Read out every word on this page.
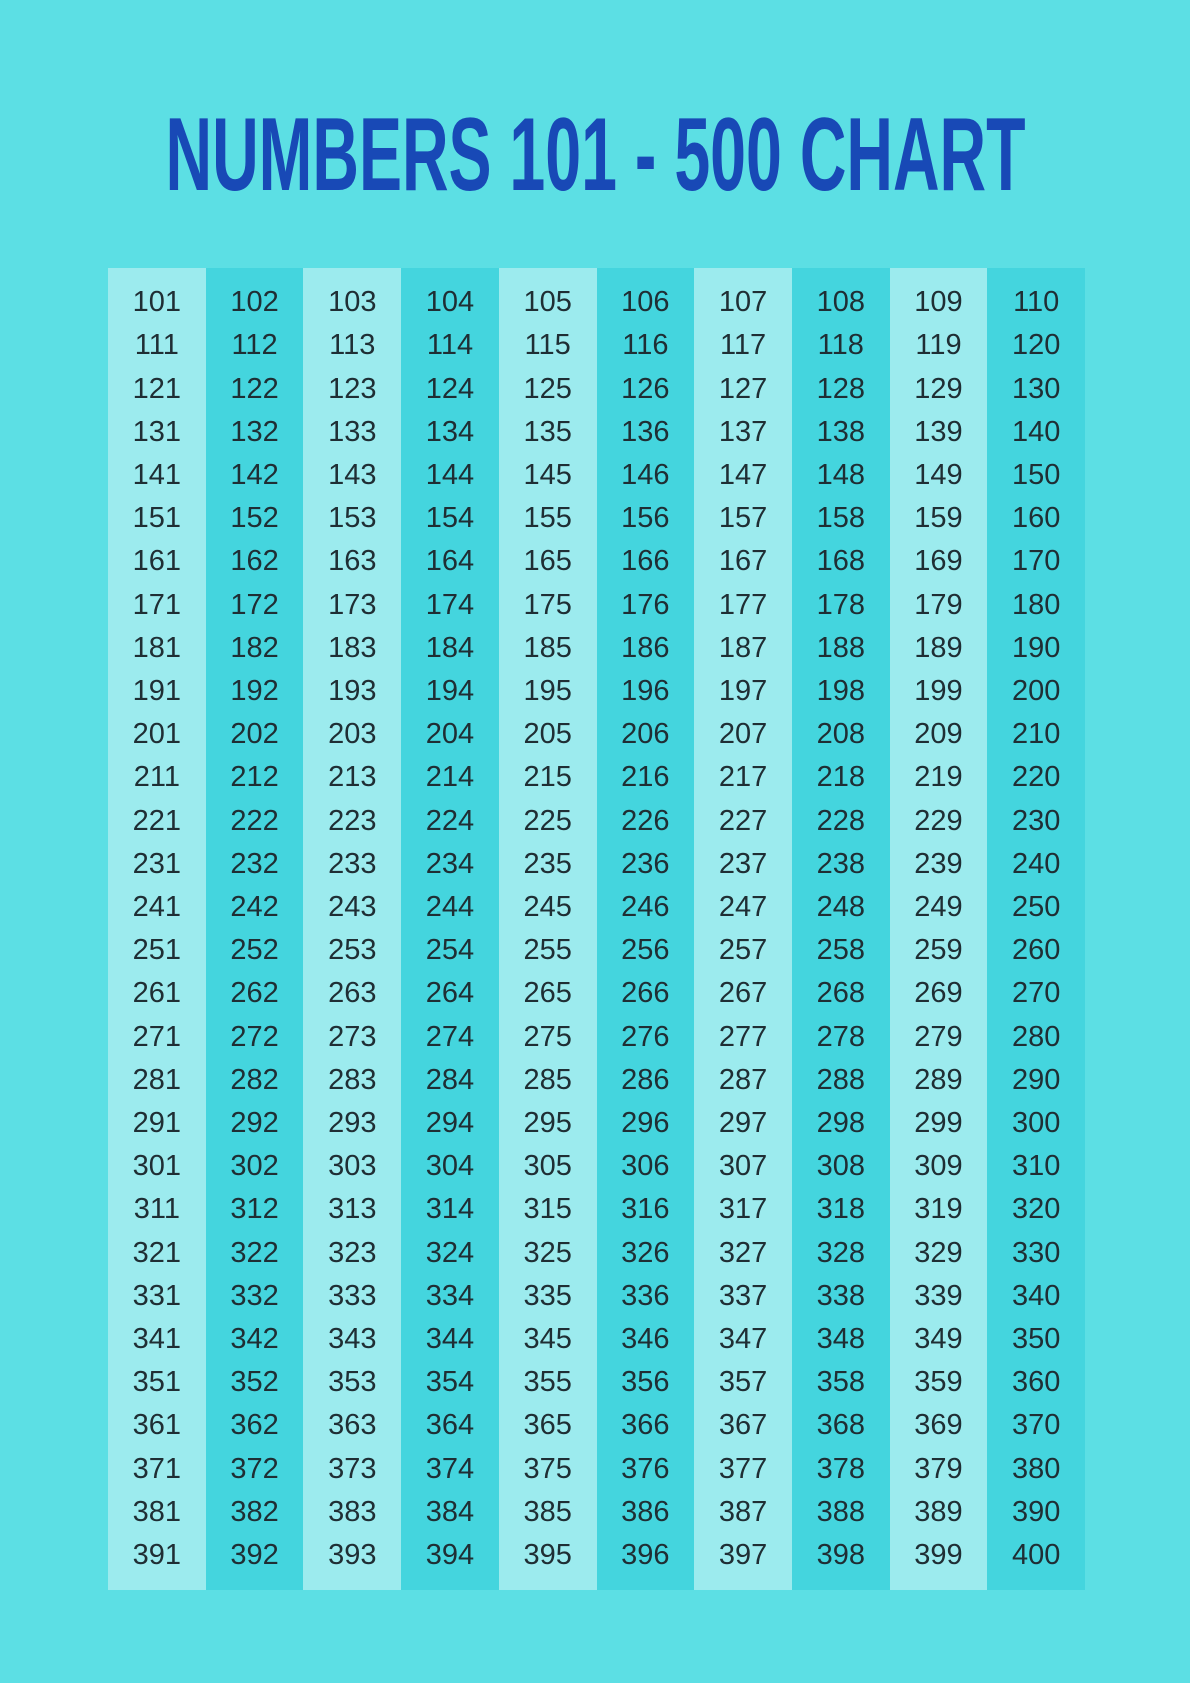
NUMBERS 101 - 500 CHART
101
111
121
131
141
151
161
171
181
191
201
211
221
231
241
251
261
271
281
291
301
311
321
331
341
351
361
371
381
391
102
112
122
132
142
152
162
172
182
192
202
212
222
232
242
252
262
272
282
292
302
312
322
332
342
352
362
372
382
392
103
113
123
133
143
153
163
173
183
193
203
213
223
233
243
253
263
273
283
293
303
313
323
333
343
353
363
373
383
393
104
114
124
134
144
154
164
174
184
194
204
214
224
234
244
254
264
274
284
294
304
314
324
334
344
354
364
374
384
394
105
115
125
135
145
155
165
175
185
195
205
215
225
235
245
255
265
275
285
295
305
315
325
335
345
355
365
375
385
395
106
116
126
136
146
156
166
176
186
196
206
216
226
236
246
256
266
276
286
296
306
316
326
336
346
356
366
376
386
396
107
117
127
137
147
157
167
177
187
197
207
217
227
237
247
257
267
277
287
297
307
317
327
337
347
357
367
377
387
397
108
118
128
138
148
158
168
178
188
198
208
218
228
238
248
258
268
278
288
298
308
318
328
338
348
358
368
378
388
398
109
119
129
139
149
159
169
179
189
199
209
219
229
239
249
259
269
279
289
299
309
319
329
339
349
359
369
379
389
399
110
120
130
140
150
160
170
180
190
200
210
220
230
240
250
260
270
280
290
300
310
320
330
340
350
360
370
380
390
400
